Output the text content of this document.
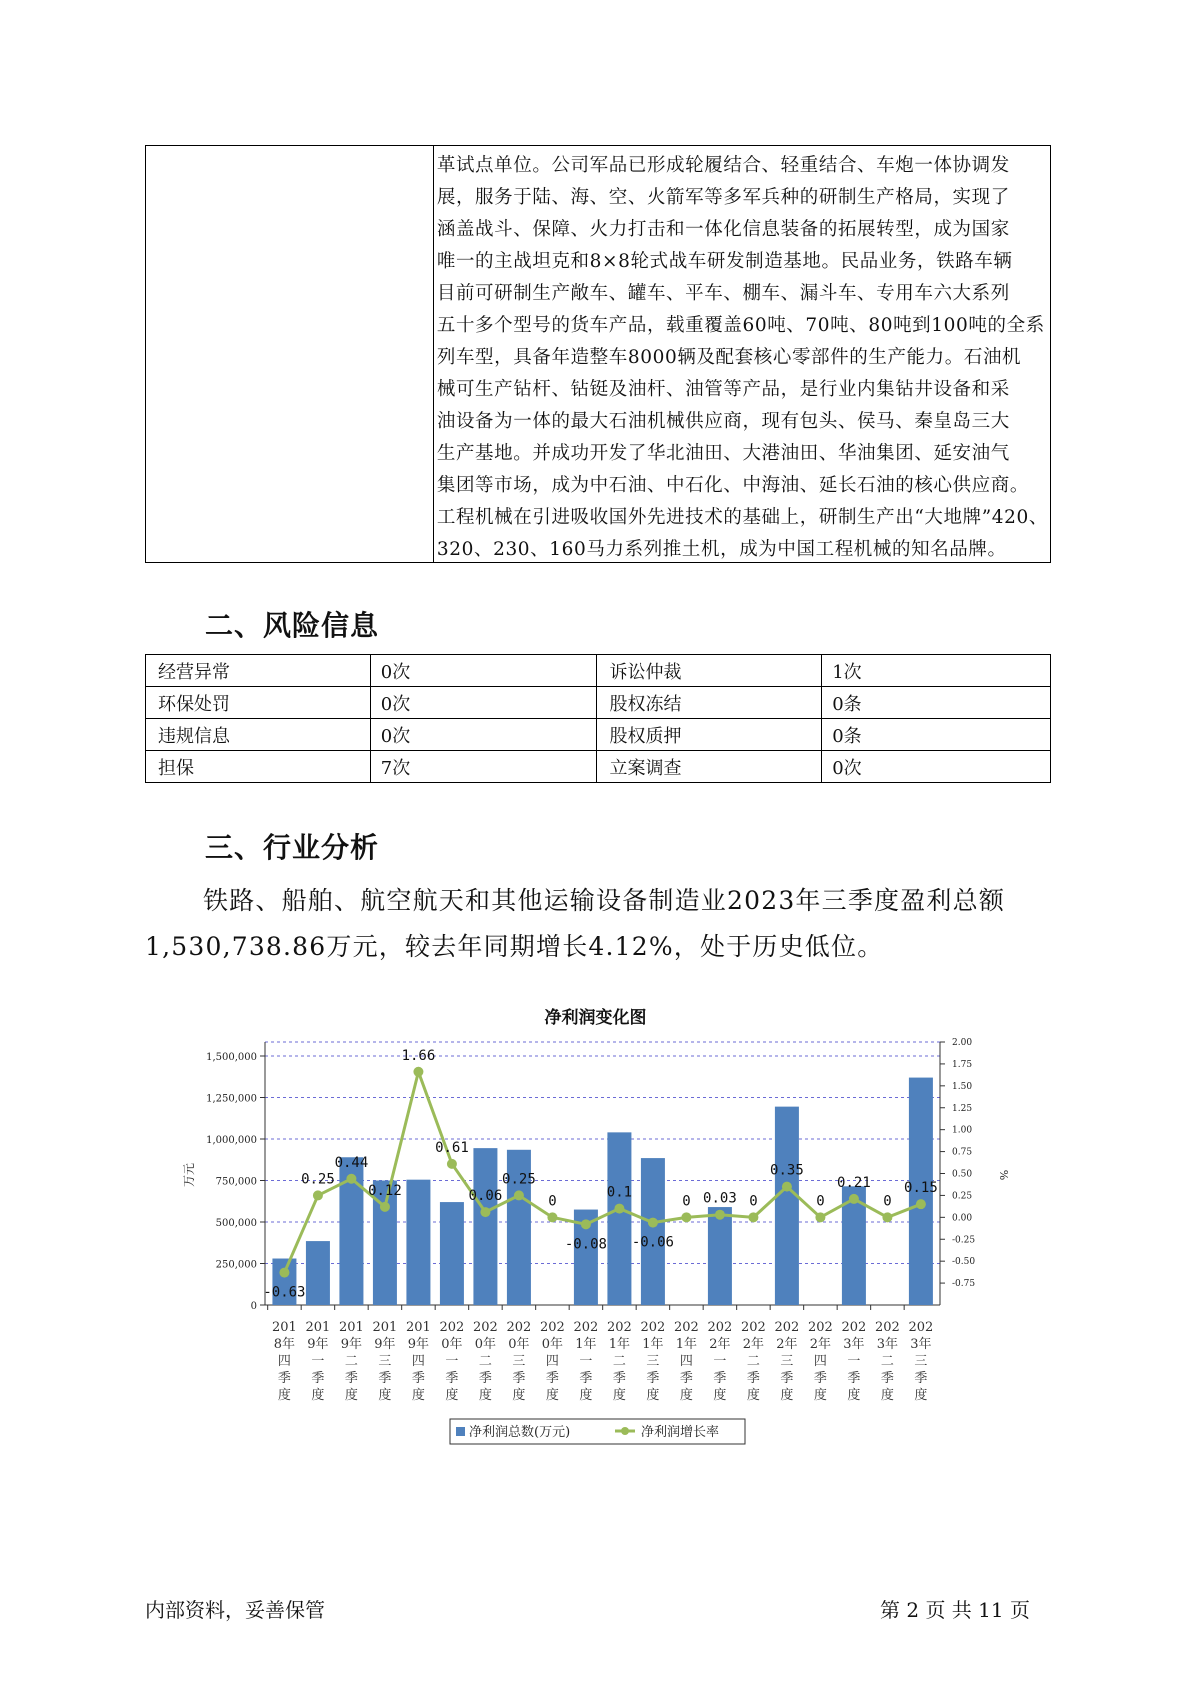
革试点单位。公司军品已形成轮履结合、轻重结合、车炮一体协调发
展，服务于陆、海、空、火箭军等多军兵种的研制生产格局，实现了
涵盖战斗、保障、火力打击和一体化信息装备的拓展转型，成为国家
唯一的主战坦克和8×8轮式战车研发制造基地。民品业务，铁路车辆
目前可研制生产敞车、罐车、平车、棚车、漏斗车、专用车六大系列
五十多个型号的货车产品，载重覆盖60吨、70吨、80吨到100吨的全系
列车型，具备年造整车8000辆及配套核心零部件的生产能力。石油机
械可生产钻杆、钻铤及油杆、油管等产品，是行业内集钻井设备和采
油设备为一体的最大石油机械供应商，现有包头、侯马、秦皇岛三大
生产基地。并成功开发了华北油田、大港油田、华油集团、延安油气
集团等市场，成为中石油、中石化、中海油、延长石油的核心供应商。
工程机械在引进吸收国外先进技术的基础上，研制生产出“大地牌”420、
320、230、160马力系列推土机，成为中国工程机械的知名品牌。
二、风险信息
经营异常	0次	诉讼仲裁	1次
环保处罚	0次	股权冻结	0条
违规信息	0次	股权质押	0条
担保	7次	立案调查	0次
三、行业分析
铁路、船舶、航空航天和其他运输设备制造业2023年三季度盈利总额
1,530,738.86万元，较去年同期增长4.12%，处于历史低位。
净利润变化图
0
250,000
500,000
750,000
1,000,000
1,250,000
1,500,000
-0.75
-0.50
-0.25
0.00
0.25
0.50
0.75
1.00
1.25
1.50
1.75
2.00
万元	%
201
8年
四
季
度
201
9年
一
季
度
201
9年
二
季
度
201
9年
三
季
度
201
9年
四
季
度
202
0年
一
季
度
202
0年
二
季
度
202
0年
三
季
度
202
0年
四
季
度
202
1年
一
季
度
202
1年
二
季
度
202
1年
三
季
度
202
1年
四
季
度
202
2年
一
季
度
202
2年
二
季
度
202
2年
三
季
度
202
2年
四
季
度
202
3年
一
季
度
202
3年
二
季
度
202
3年
三
季
度
-0.63
0.25
0.44
0.12
1.66
0.61
0.06
0.25
0
-0.08
0.1
-0.06
0 0.03 0
0.35
0
0.21
0
0.15
净利润总数(万元)	净利润增长率
内部资料，妥善保管	第 2 页 共 11 页
